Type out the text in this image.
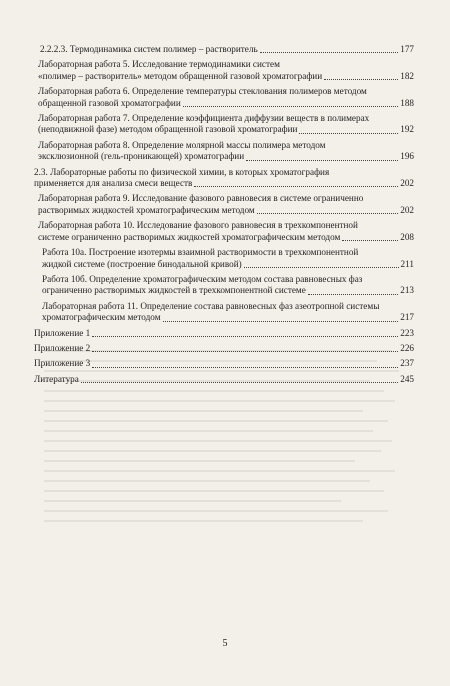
2.2.2.3. Термодинамика систем полимер – растворитель	177
Лабораторная работа 5. Исследование термодинамики систем
«полимер – растворитель» методом обращенной газовой хроматографии	182
Лабораторная работа 6. Определение температуры стеклования полимеров методом
обращенной газовой хроматографии	188
Лабораторная работа 7. Определение коэффициента диффузии веществ в полимерах
(неподвижной фазе) методом обращенной газовой хроматографии	192
Лабораторная работа 8. Определение молярной массы полимера методом
эксклюзионной (гель-проникающей) хроматографии	196
2.3. Лабораторные работы по физической химии, в которых хроматография
применяется для анализа смеси веществ	202
Лабораторная работа 9. Исследование фазового равновесия в системе ограниченно
растворимых жидкостей хроматографическим методом	202
Лабораторная работа 10. Исследование фазового равновесия в трехкомпонентной
системе ограниченно растворимых жидкостей хроматографическим методом	208
Работа 10а. Построение изотермы взаимной растворимости в трехкомпонентной
жидкой системе (построение бинодальной кривой)	211
Работа 10б. Определение хроматографическим методом состава равновесных фаз
ограниченно растворимых жидкостей в трехкомпонентной системе	213
Лабораторная работа 11. Определение состава равновесных фаз азеотропной системы
хроматографическим методом	217
Приложение 1	223
Приложение 2	226
Приложение 3	237
Литература	245
5
